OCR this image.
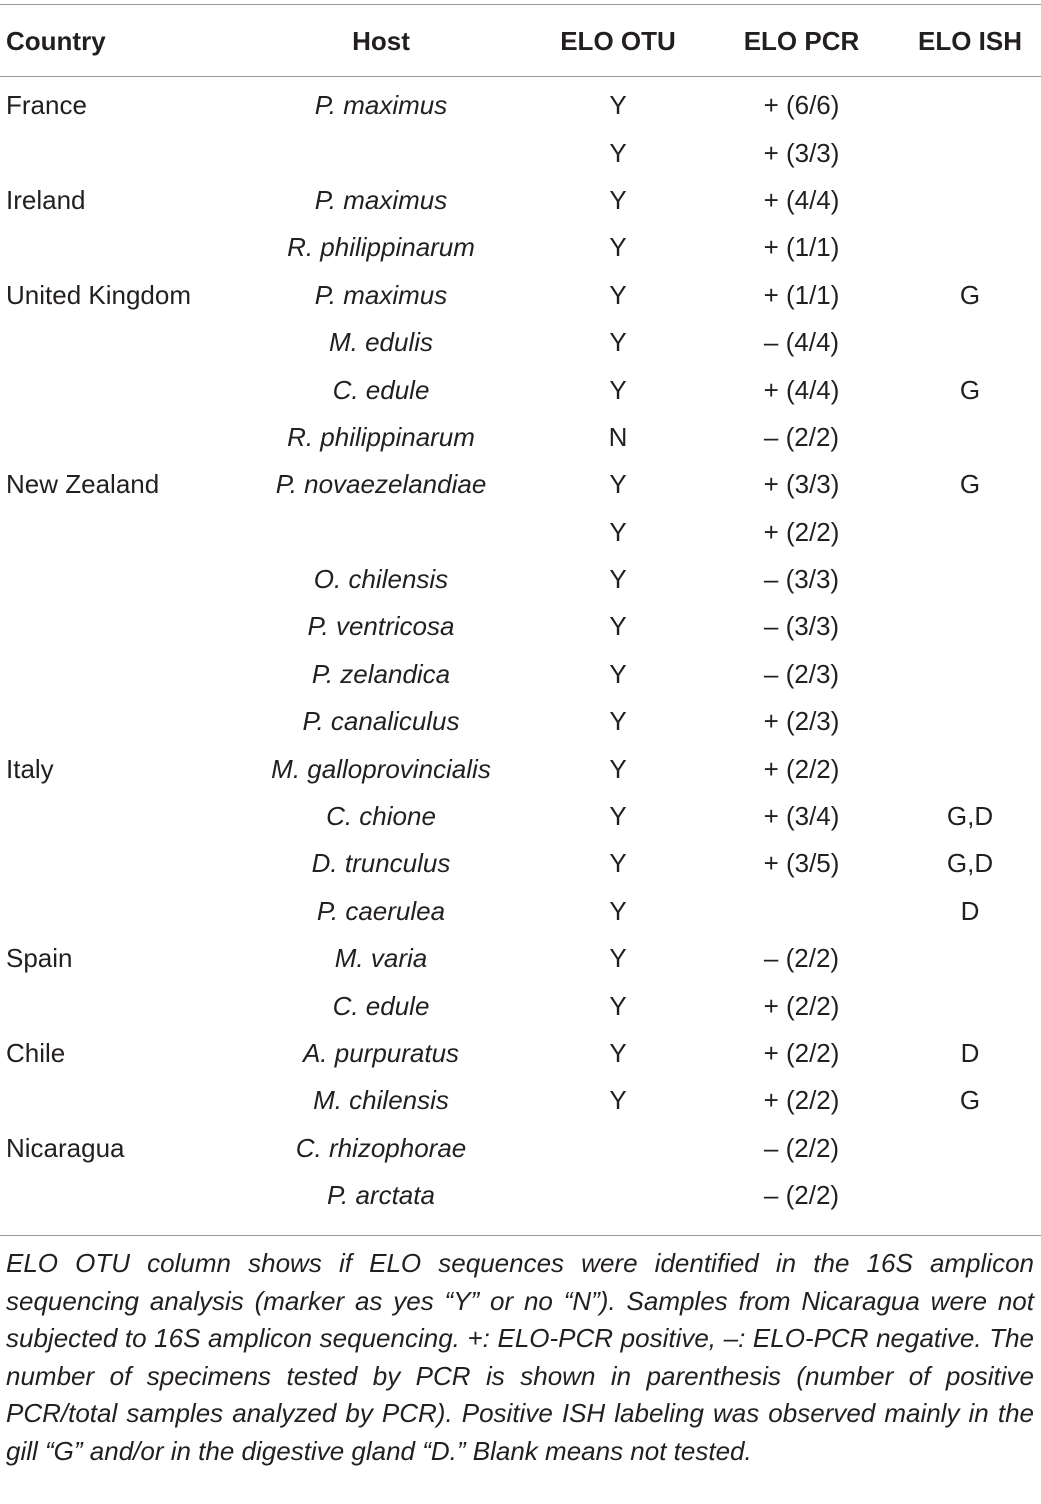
Country	Host	ELO OTU	ELO PCR	ELO ISH
France	P. maximus	Y	+ (6/6)	
		Y	+ (3/3)	
Ireland	P. maximus	Y	+ (4/4)	
	R. philippinarum	Y	+ (1/1)	
United Kingdom	P. maximus	Y	+ (1/1)	G
	M. edulis	Y	– (4/4)	
	C. edule	Y	+ (4/4)	G
	R. philippinarum	N	– (2/2)	
New Zealand	P. novaezelandiae	Y	+ (3/3)	G
		Y	+ (2/2)	
	O. chilensis	Y	– (3/3)	
	P. ventricosa	Y	– (3/3)	
	P. zelandica	Y	– (2/3)	
	P. canaliculus	Y	+ (2/3)	
Italy	M. galloprovincialis	Y	+ (2/2)	
	C. chione	Y	+ (3/4)	G,D
	D. trunculus	Y	+ (3/5)	G,D
	P. caerulea	Y		D
Spain	M. varia	Y	– (2/2)	
	C. edule	Y	+ (2/2)	
Chile	A. purpuratus	Y	+ (2/2)	D
	M. chilensis	Y	+ (2/2)	G
Nicaragua	C. rhizophorae		– (2/2)	
	P. arctata		– (2/2)	

ELO OTU column shows if ELO sequences were identified in the 16S amplicon sequencing analysis (marker as yes “Y” or no “N”). Samples from Nicaragua were not subjected to 16S amplicon sequencing. +: ELO-PCR positive, –: ELO-PCR negative. The number of specimens tested by PCR is shown in parenthesis (number of positive PCR/total samples analyzed by PCR). Positive ISH labeling was observed mainly in the gill “G” and/or in the digestive gland “D.” Blank means not tested.
